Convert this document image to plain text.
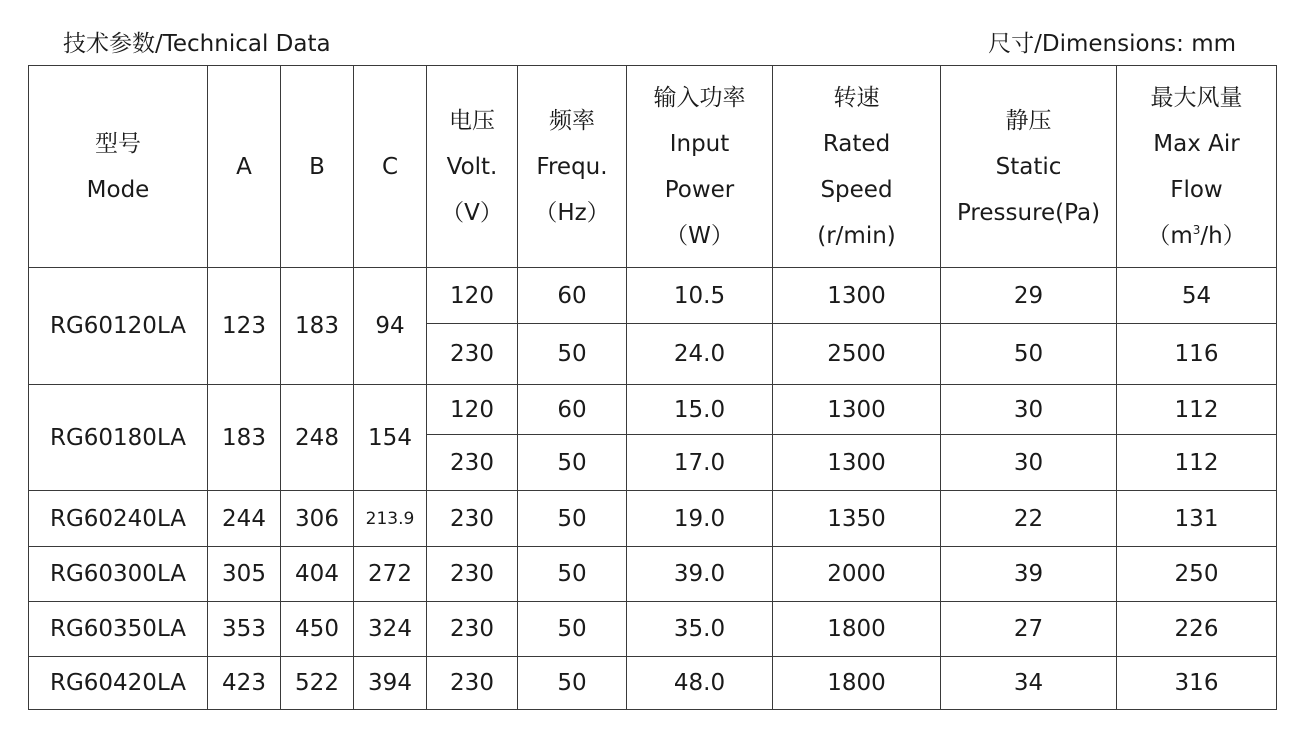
技术参数/Technical Data	尺寸/Dimensions: mm
型号
Mode	A	B	C	电压
Volt.
（V）	频率
Frequ.
（Hz）	输入功率
Input
Power
（W）	转速
Rated
Speed
(r/min)	静压
Static
Pressure(Pa)	最大风量
Max Air
Flow
$(m^3/h)$

RG60120LA	123	183	94	120	60	10.5	1300	29	54
				230	50	24.0	2500	50	116
RG60180LA	183	248	154	120	60	15.0	1300	30	112
				230	50	17.0	1300	30	112
RG60240LA	244	306	213.9	230	50	19.0	1350	22	131
RG60300LA	305	404	272	230	50	39.0	2000	39	250
RG60350LA	353	450	324	230	50	35.0	1800	27	226
RG60420LA	423	522	394	230	50	48.0	1800	34	316
